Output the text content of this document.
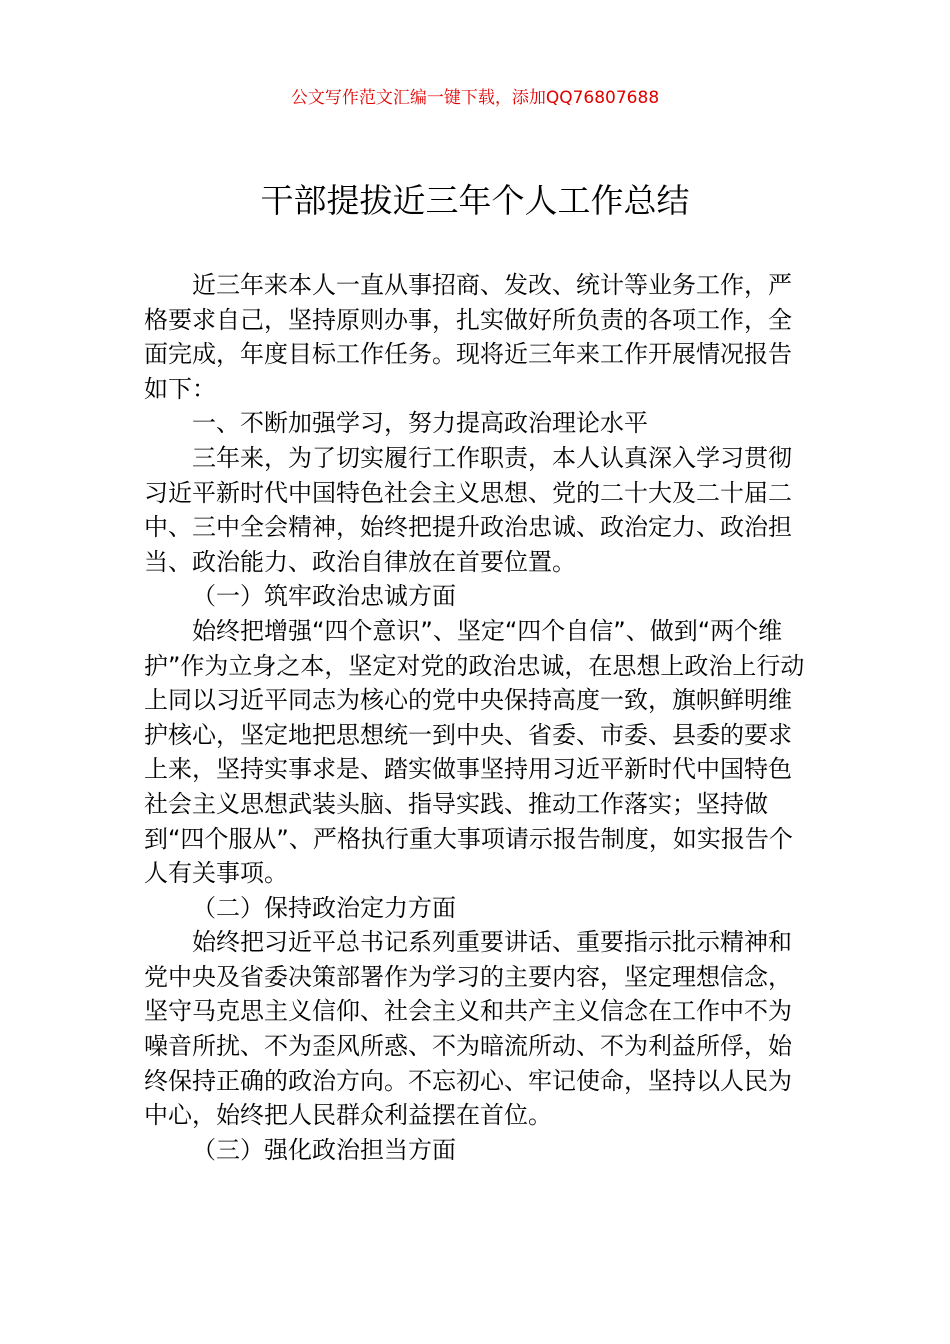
公文写作范文汇编一键下载，添加QQ76807688
干部提拔近三年个人工作总结

近三年来本人一直从事招商、发改、统计等业务工作，严格要求自己，坚持原则办事，扎实做好所负责的各项工作，全面完成，年度目标工作任务。现将近三年来工作开展情况报告如下：

一、不断加强学习，努力提高政治理论水平

三年来，为了切实履行工作职责，本人认真深入学习贯彻习近平新时代中国特色社会主义思想、党的二十大及二十届二中、三中全会精神，始终把提升政治忠诚、政治定力、政治担当、政治能力、政治自律放在首要位置。

（一）筑牢政治忠诚方面

始终把增强“四个意识”、坚定“四个自信”、做到“两个维护”作为立身之本，坚定对党的政治忠诚，在思想上政治上行动上同以习近平同志为核心的党中央保持高度一致，旗帜鲜明维护核心，坚定地把思想统一到中央、省委、市委、县委的要求上来，坚持实事求是、踏实做事坚持用习近平新时代中国特色社会主义思想武装头脑、指导实践、推动工作落实；坚持做到“四个服从”、严格执行重大事项请示报告制度，如实报告个人有关事项。

（二）保持政治定力方面

始终把习近平总书记系列重要讲话、重要指示批示精神和党中央及省委决策部署作为学习的主要内容，坚定理想信念，坚守马克思主义信仰、社会主义和共产主义信念在工作中不为噪音所扰、不为歪风所惑、不为暗流所动、不为利益所俘，始终保持正确的政治方向。不忘初心、牢记使命，坚持以人民为中心，始终把人民群众利益摆在首位。

（三）强化政治担当方面
